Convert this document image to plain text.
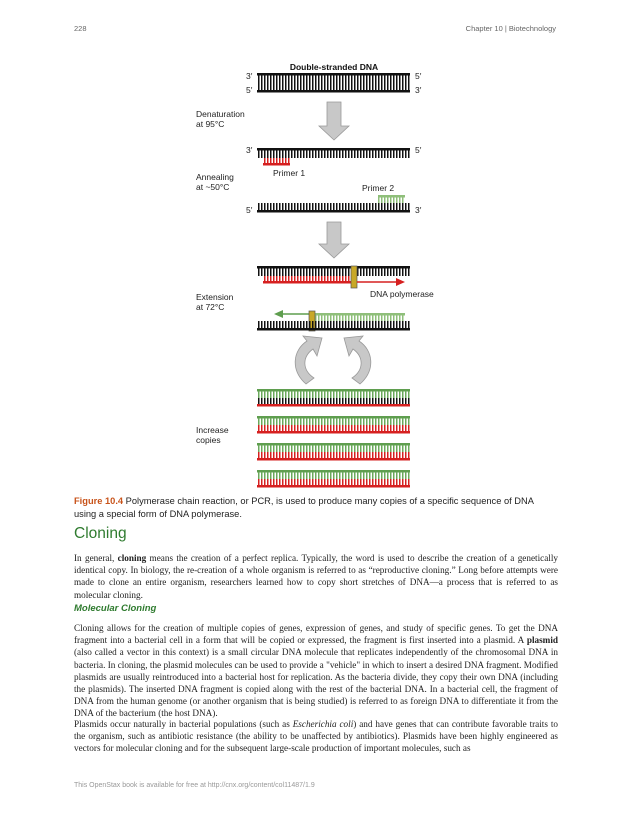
228	Chapter 10 | Biotechnology
Double-stranded DNA
3′	5′
5′	3′
Denaturation
at 95°C
3′	5′
Primer 1
Annealing
at ~50°C	Primer 2
5′	3′
DNA polymerase
Extension
at 72°C
Increase
copies
Figure 10.4 Polymerase chain reaction, or PCR, is used to produce many copies of a specific sequence of DNA using a special form of DNA polymerase.
Cloning

In general, cloning means the creation of a perfect replica. Typically, the word is used to describe the creation of a genetically identical copy. In biology, the re-creation of a whole organism is referred to as “reproductive cloning.” Long before attempts were made to clone an entire organism, researchers learned how to copy short stretches of DNA—a process that is referred to as molecular cloning.

Molecular Cloning

Cloning allows for the creation of multiple copies of genes, expression of genes, and study of specific genes. To get the DNA fragment into a bacterial cell in a form that will be copied or expressed, the fragment is first inserted into a plasmid. A plasmid (also called a vector in this context) is a small circular DNA molecule that replicates independently of the chromosomal DNA in bacteria. In cloning, the plasmid molecules can be used to provide a "vehicle" in which to insert a desired DNA fragment. Modified plasmids are usually reintroduced into a bacterial host for replication. As the bacteria divide, they copy their own DNA (including the plasmids). The inserted DNA fragment is copied along with the rest of the bacterial DNA. In a bacterial cell, the fragment of DNA from the human genome (or another organism that is being studied) is referred to as foreign DNA to differentiate it from the DNA of the bacterium (the host DNA).

Plasmids occur naturally in bacterial populations (such as Escherichia coli) and have genes that can contribute favorable traits to the organism, such as antibiotic resistance (the ability to be unaffected by antibiotics). Plasmids have been highly engineered as vectors for molecular cloning and for the subsequent large-scale production of important molecules, such as

This OpenStax book is available for free at http://cnx.org/content/col11487/1.9
